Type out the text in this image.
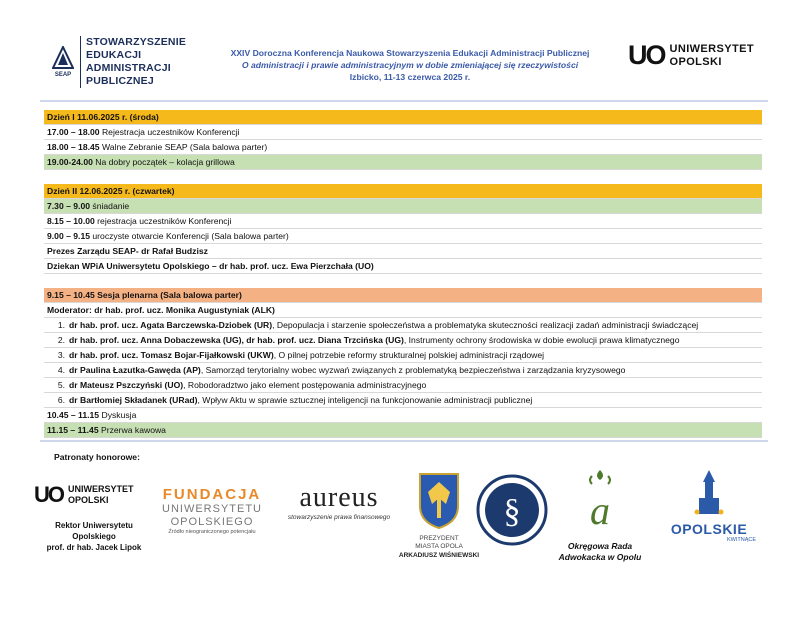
SEAP
STOWARZYSZENIE EDUKACJI
ADMINISTRACJI PUBLICZNEJ
XXIV Doroczna Konferencja Naukowa Stowarzyszenia Edukacji Administracji Publicznej
O administracji i prawie administracyjnym w dobie zmieniającej się rzeczywistości
Izbicko, 11-13 czerwca 2025 r.
UO UNIWERSYTET
OPOLSKI
Dzień I 11.06.2025 r. (środa)
17.00 – 18.00 Rejestracja uczestników Konferencji
18.00 – 18.45 Walne Zebranie SEAP (Sala balowa parter)
19.00-24.00 Na dobry początek – kolacja grillowa
Dzień II 12.06.2025 r. (czwartek)
7.30 – 9.00 śniadanie
8.15 – 10.00 rejestracja uczestników Konferencji
9.00 – 9.15 uroczyste otwarcie Konferencji (Sala balowa parter)
Prezes Zarządu SEAP- dr Rafał Budzisz
Dziekan WPiA Uniwersytetu Opolskiego – dr hab. prof. ucz. Ewa Pierzchała (UO)
9.15 – 10.45 Sesja plenarna (Sala balowa parter)
Moderator: dr hab. prof. ucz. Monika Augustyniak (ALK)
1. dr hab. prof. ucz. Agata Barczewska-Dziobek (UR), Depopulacja i starzenie społeczeństwa a problematyka skuteczności realizacji zadań administracji świadczącej
2. dr hab. prof. ucz. Anna Dobaczewska (UG), dr hab. prof. ucz. Diana Trzcińska (UG), Instrumenty ochrony środowiska w dobie ewolucji prawa klimatycznego
3. dr hab. prof. ucz. Tomasz Bojar-Fijałkowski (UKW), O pilnej potrzebie reformy strukturalnej polskiej administracji rządowej
4. dr Paulina Łazutka-Gawęda (AP), Samorząd terytorialny wobec wyzwań związanych z problematyką bezpieczeństwa i zarządzania kryzysowego
5. dr Mateusz Pszczyński (UO), Robodoradztwo jako element postępowania administracyjnego
6. dr Bartłomiej Składanek (URad), Wpływ Aktu w sprawie sztucznej inteligencji na funkcjonowanie administracji publicznej
10.45 – 11.15 Dyskusja
11.15 – 11.45 Przerwa kawowa
Patronaty honorowe:
UO UNIWERSYTET
OPOLSKI
Rektor Uniwersytetu
Opolskiego
prof. dr hab. Jacek Lipok
FUNDACJA
UNIWERSYTETU
OPOLSKIEGO
Źródło nieograniczonego potencjału
aureus
stowarzyszenie prawa finansowego
PREZYDENT
MIASTA OPOLA
ARKADIUSZ WIŚNIEWSKI
§ a
Okręgowa Rada
Adwokacka w Opolu
OPOLSKIE
KWITNĄCE
